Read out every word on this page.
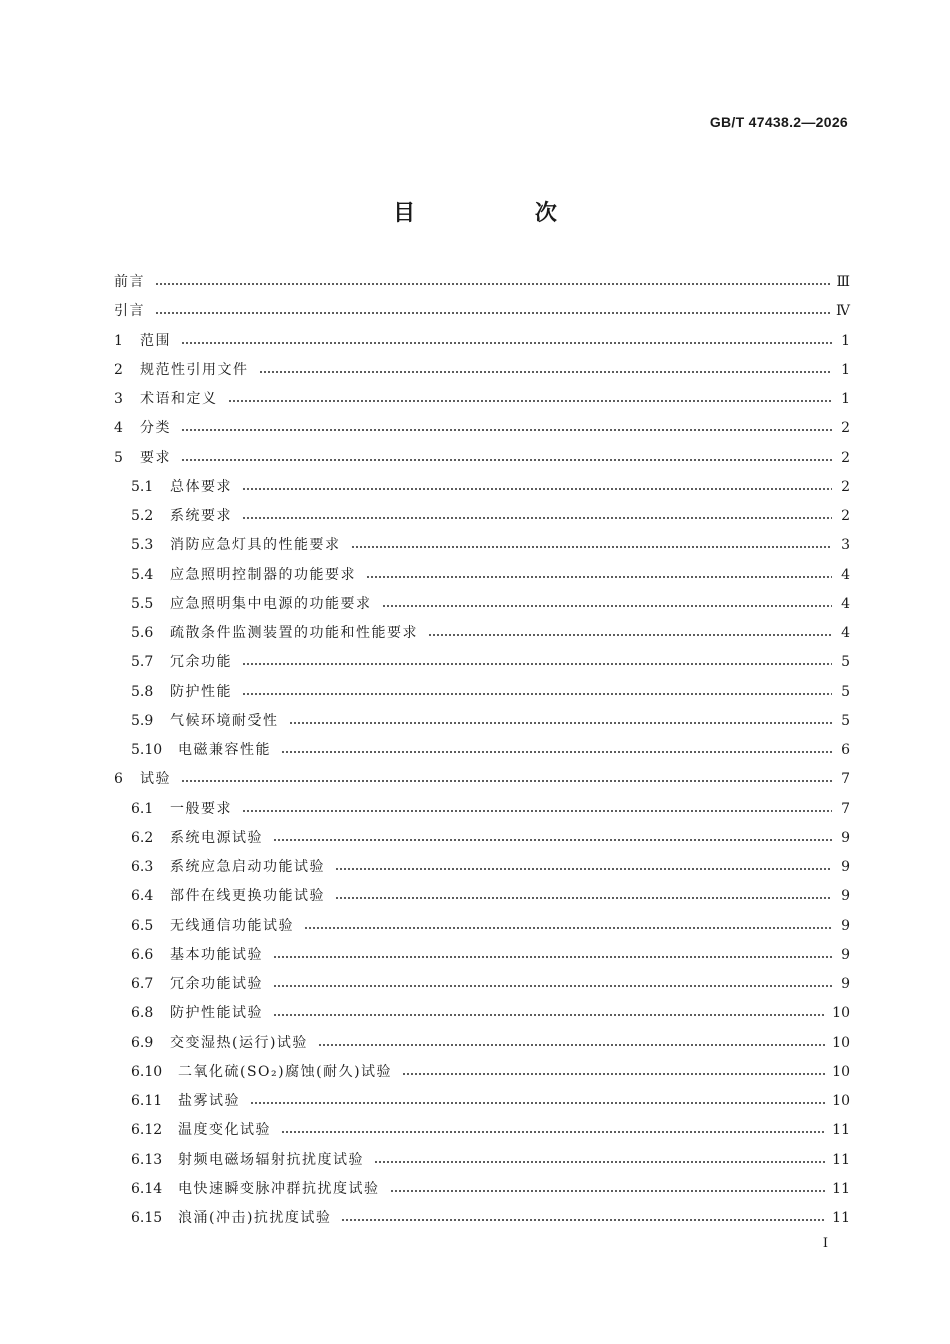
GB/T 47438.2—2026
目 次
前言	Ⅲ
引言	Ⅳ
1	范围	1
2	规范性引用文件	1
3	术语和定义	1
4	分类	2
5	要求	2
5.1	总体要求	2
5.2	系统要求	2
5.3	消防应急灯具的性能要求	3
5.4	应急照明控制器的功能要求	4
5.5	应急照明集中电源的功能要求	4
5.6	疏散条件监测装置的功能和性能要求	4
5.7	冗余功能	5
5.8	防护性能	5
5.9	气候环境耐受性	5
5.10	电磁兼容性能	6
6	试验	7
6.1	一般要求	7
6.2	系统电源试验	9
6.3	系统应急启动功能试验	9
6.4	部件在线更换功能试验	9
6.5	无线通信功能试验	9
6.6	基本功能试验	9
6.7	冗余功能试验	9
6.8	防护性能试验	10
6.9	交变湿热(运行)试验	10
6.10	二氧化硫(SO₂)腐蚀(耐久)试验	10
6.11	盐雾试验	10
6.12	温度变化试验	11
6.13	射频电磁场辐射抗扰度试验	11
6.14	电快速瞬变脉冲群抗扰度试验	11
6.15	浪涌(冲击)抗扰度试验	11
I
